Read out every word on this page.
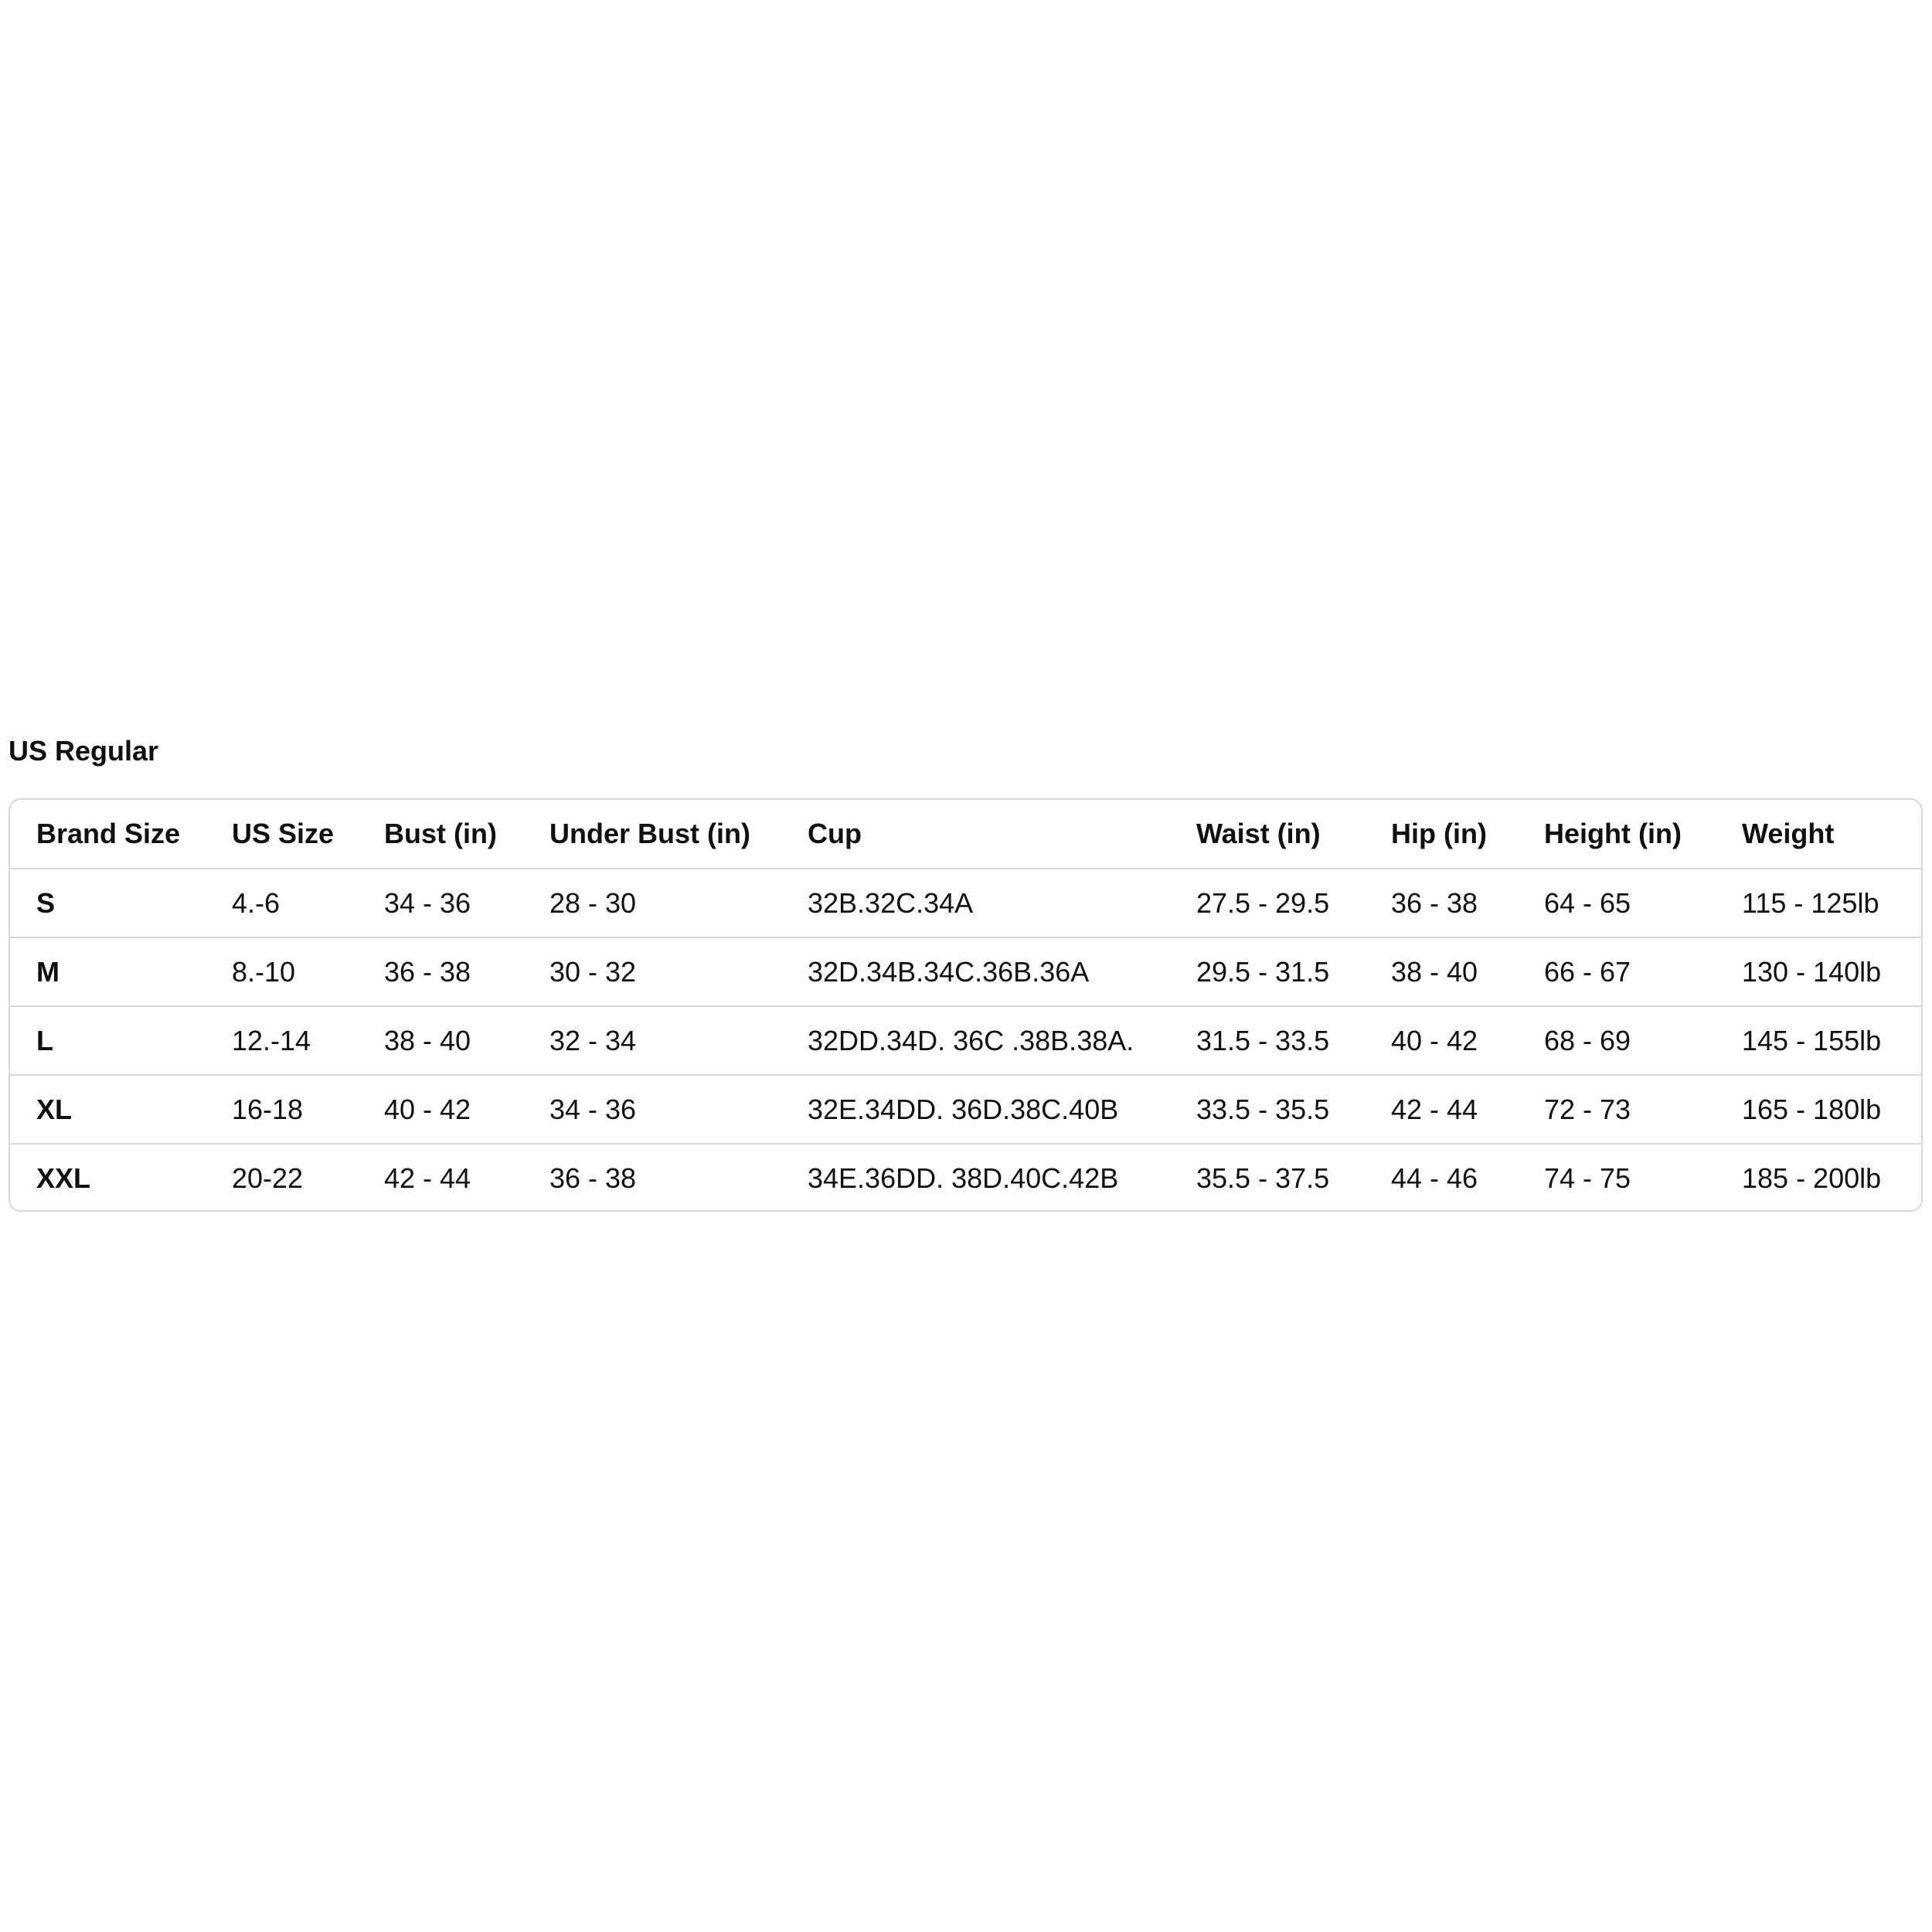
US Regular
Brand Size	US Size	Bust (in)	Under Bust (in)	Cup	Waist (in)	Hip (in)	Height (in)	Weight
S	4.-6	34 - 36	28 - 30	32B.32C.34A	27.5 - 29.5	36 - 38	64 - 65	115 - 125lb
M	8.-10	36 - 38	30 - 32	32D.34B.34C.36B.36A	29.5 - 31.5	38 - 40	66 - 67	130 - 140lb
L	12.-14	38 - 40	32 - 34	32DD.34D. 36C .38B.38A.	31.5 - 33.5	40 - 42	68 - 69	145 - 155lb
XL	16-18	40 - 42	34 - 36	32E.34DD. 36D.38C.40B	33.5 - 35.5	42 - 44	72 - 73	165 - 180lb
XXL	20-22	42 - 44	36 - 38	34E.36DD. 38D.40C.42B	35.5 - 37.5	44 - 46	74 - 75	185 - 200lb
